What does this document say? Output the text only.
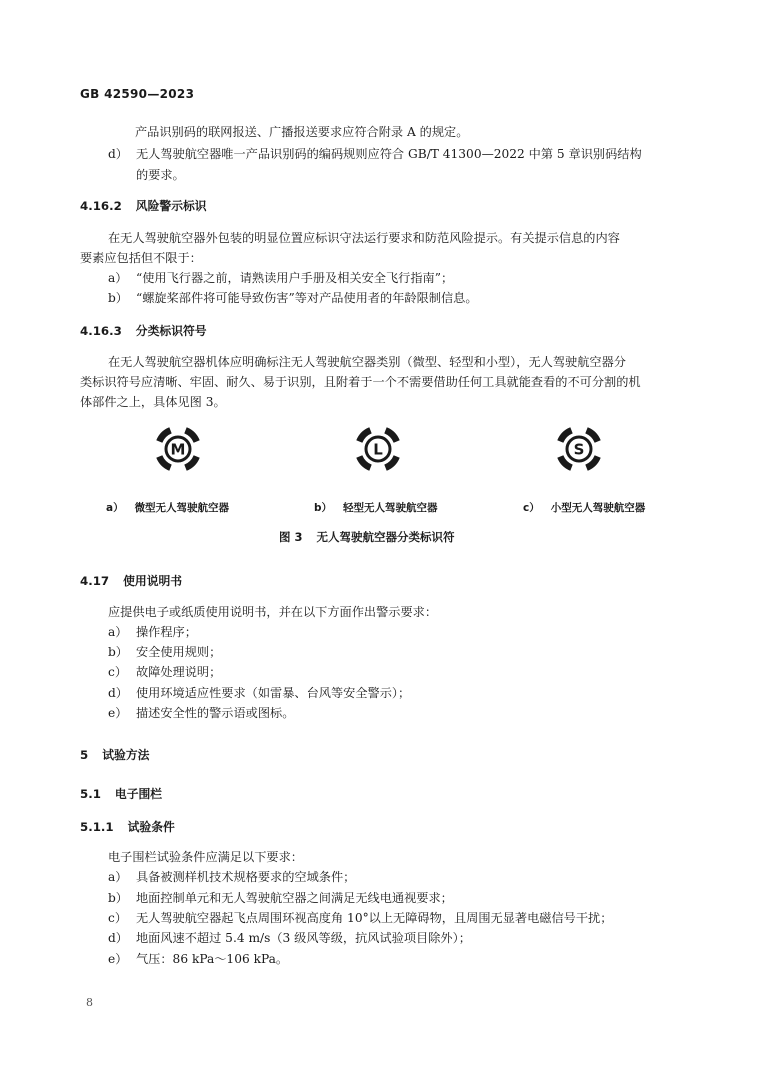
GB 42590—2023
产品识别码的联网报送、广播报送要求应符合附录 A 的规定。
d） 无人驾驶航空器唯一产品识别码的编码规则应符合 GB/T 41300—2022 中第 5 章识别码结构
的要求。
4.16.2 风险警示标识
在无人驾驶航空器外包装的明显位置应标识守法运行要求和防范风险提示。有关提示信息的内容
要素应包括但不限于：
a） “使用飞行器之前，请熟读用户手册及相关安全飞行指南”；
b） “螺旋桨部件将可能导致伤害”等对产品使用者的年龄限制信息。
4.16.3 分类标识符号
在无人驾驶航空器机体应明确标注无人驾驶航空器类别（微型、轻型和小型），无人驾驶航空器分
类标识符号应清晰、牢固、耐久、易于识别，且附着于一个不需要借助任何工具就能查看的不可分割的机
体部件之上，具体见图 3。
M	L	S
a） 微型无人驾驶航空器	b） 轻型无人驾驶航空器	c） 小型无人驾驶航空器
图 3 无人驾驶航空器分类标识符
4.17 使用说明书
应提供电子或纸质使用说明书，并在以下方面作出警示要求：
a） 操作程序；
b） 安全使用规则；
c） 故障处理说明；
d） 使用环境适应性要求（如雷暴、台风等安全警示）；
e） 描述安全性的警示语或图标。
5 试验方法
5.1 电子围栏
5.1.1 试验条件
电子围栏试验条件应满足以下要求：
a） 具备被测样机技术规格要求的空域条件；
b） 地面控制单元和无人驾驶航空器之间满足无线电通视要求；
c） 无人驾驶航空器起飞点周围环视高度角 10°以上无障碍物，且周围无显著电磁信号干扰；
d） 地面风速不超过 5.4 m/s（3 级风等级，抗风试验项目除外）；
e） 气压：86 kPa～106 kPa。
8
